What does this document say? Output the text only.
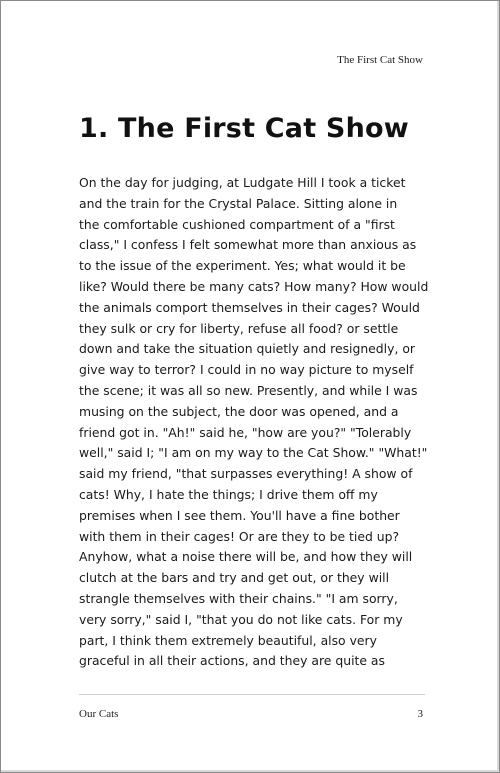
The First Cat Show
1. The First Cat Show

On the day for judging, at Ludgate Hill I took a ticket
and the train for the Crystal Palace. Sitting alone in
the comfortable cushioned compartment of a "first
class," I confess I felt somewhat more than anxious as
to the issue of the experiment. Yes; what would it be
like? Would there be many cats? How many? How would
the animals comport themselves in their cages? Would
they sulk or cry for liberty, refuse all food? or settle
down and take the situation quietly and resignedly, or
give way to terror? I could in no way picture to myself
the scene; it was all so new. Presently, and while I was
musing on the subject, the door was opened, and a
friend got in. "Ah!" said he, "how are you?" "Tolerably
well," said I; "I am on my way to the Cat Show." "What!"
said my friend, "that surpasses everything! A show of
cats! Why, I hate the things; I drive them off my
premises when I see them. You'll have a fine bother
with them in their cages! Or are they to be tied up?
Anyhow, what a noise there will be, and how they will
clutch at the bars and try and get out, or they will
strangle themselves with their chains." "I am sorry,
very sorry," said I, "that you do not like cats. For my
part, I think them extremely beautiful, also very
graceful in all their actions, and they are quite as

Our Cats	3
